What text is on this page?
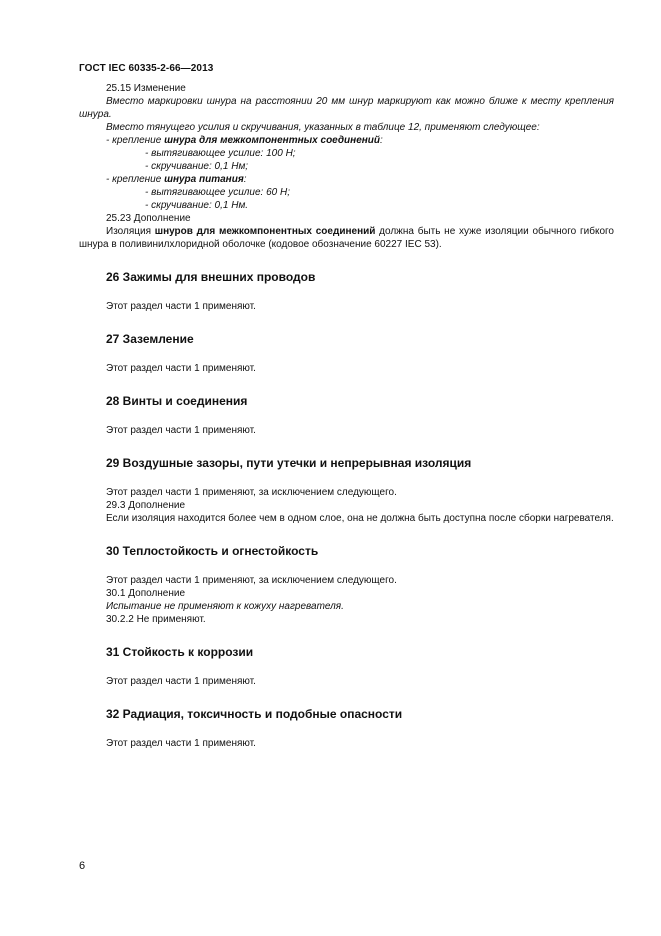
ГОСТ IEC 60335-2-66—2013

25.15 Изменение

Вместо маркировки шнура на расстоянии 20 мм шнур маркируют как можно ближе к месту крепления шнура.

Вместо тянущего усилия и скручивания, указанных в таблице 12, применяют следующее:

- крепление шнура для межкомпонентных соединений:

- вытягивающее усилие: 100 Н;

- скручивание: 0,1 Нм;

- крепление шнура питания:

- вытягивающее усилие: 60 Н;

- скручивание: 0,1 Нм.

25.23 Дополнение

Изоляция шнуров для межкомпонентных соединений должна быть не хуже изоляции обычного гибкого шнура в поливинилхлоридной оболочке (кодовое обозначение 60227 IEC 53).

26 Зажимы для внешних проводов

Этот раздел части 1 применяют.

27 Заземление

Этот раздел части 1 применяют.

28 Винты и соединения

Этот раздел части 1 применяют.

29 Воздушные зазоры, пути утечки и непрерывная изоляция

Этот раздел части 1 применяют, за исключением следующего.

29.3 Дополнение

Если изоляция находится более чем в одном слое, она не должна быть доступна после сборки нагревателя.

30 Теплостойкость и огнестойкость

Этот раздел части 1 применяют, за исключением следующего.

30.1 Дополнение

Испытание не применяют к кожуху нагревателя.

30.2.2 Не применяют.

31 Стойкость к коррозии

Этот раздел части 1 применяют.

32 Радиация, токсичность и подобные опасности

Этот раздел части 1 применяют.

6
